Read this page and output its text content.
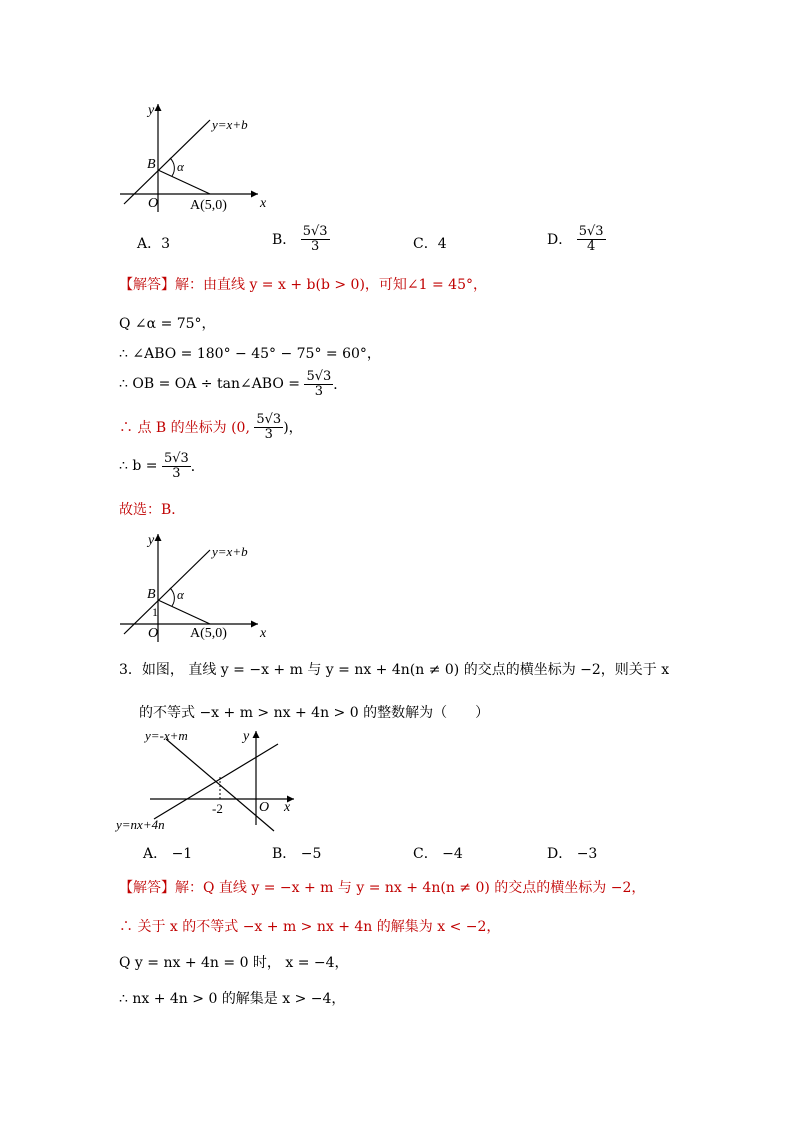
y
x
y=x+b
B
O A(5,0)
α
A．3	B． $\frac{5√3}{3}$	C．4	D． $\frac{5√3}{4}$
【解答】解：由直线 y = x + b(b > 0)，可知∠1 = 45°，
Q ∠α = 75°，
∴ ∠ABO = 180° − 45° − 75° = 60°，
∴ OB = OA ÷ tan∠ABO = $\frac{5√3}{3}$ ．
∴ 点 B 的坐标为 (0, $\frac{5√3}{3}$ )，
∴ $b = \frac{5√3}{3}$ ．
故选：B．
y
x
y=x+b
B
1
O A(5,0)
α
3．如图， 直线 y = −x + m 与 y = nx + 4n(n ≠ 0) 的交点的横坐标为 −2，则关于 x
的不等式 −x + m > nx + 4n > 0 的整数解为（　　）
y=-x+m
y=nx+4n
y
x
O
-2
A． −1	B． −5	C． −4	D． −3
【解答】解：Q 直线 y = −x + m 与 y = nx + 4n(n ≠ 0) 的交点的横坐标为 −2，
∴ 关于 x 的不等式 −x + m > nx + 4n 的解集为 x < −2，
Q y = nx + 4n = 0 时， x = −4，
∴ nx + 4n > 0 的解集是 x > −4，
